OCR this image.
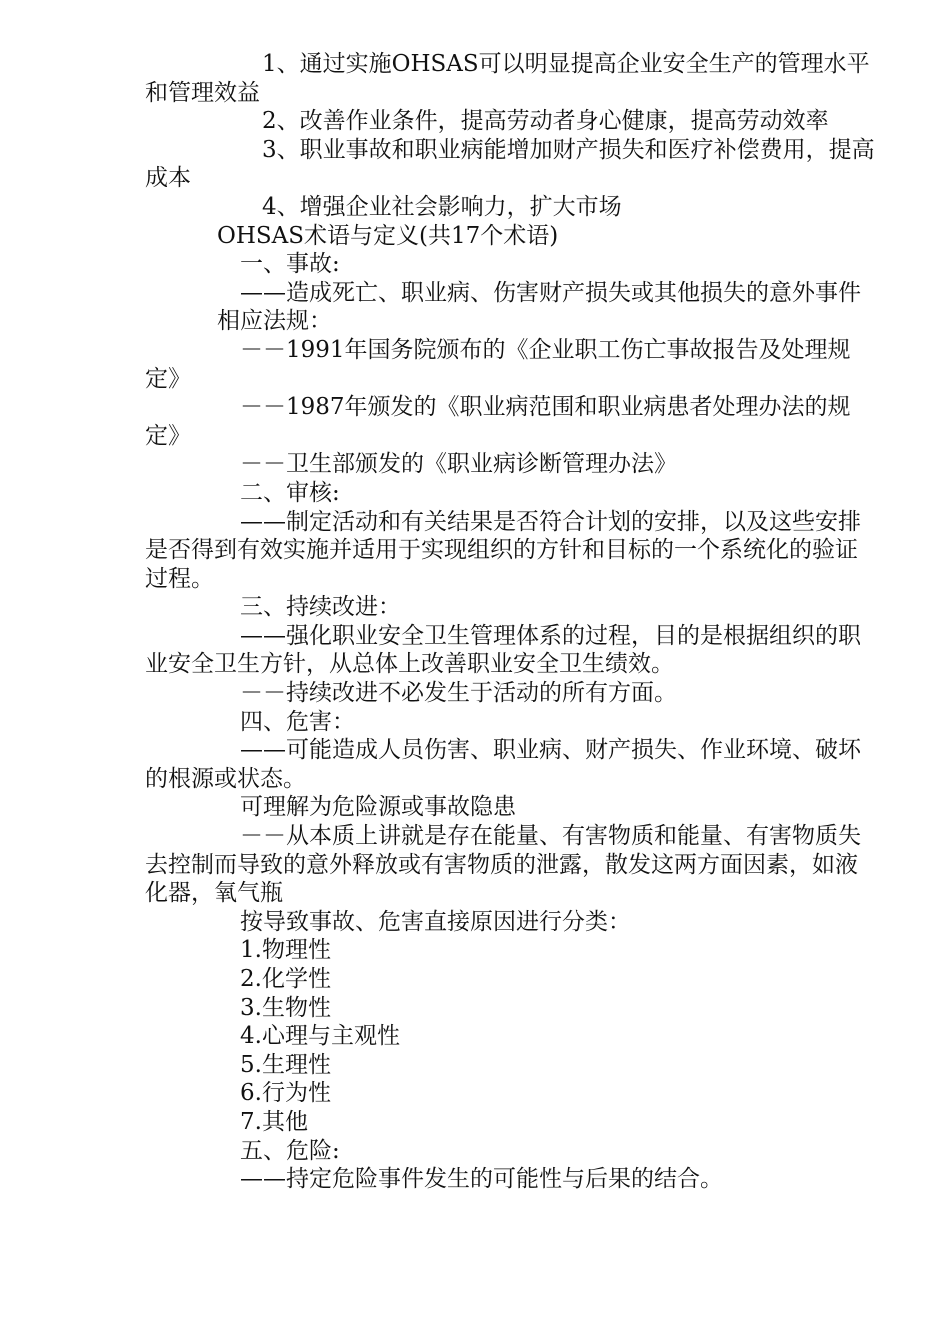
1、通过实施OHSAS可以明显提高企业安全生产的管理水平和管理效益

2、改善作业条件，提高劳动者身心健康，提高劳动效率

3、职业事故和职业病能增加财产损失和医疗补偿费用，提高成本

4、增强企业社会影响力，扩大市场

OHSAS术语与定义(共17个术语)

一、事故:

——造成死亡、职业病、伤害财产损失或其他损失的意外事件

相应法规：

－－1991年国务院颁布的《企业职工伤亡事故报告及处理规定》

－－1987年颁发的《职业病范围和职业病患者处理办法的规定》

－－卫生部颁发的《职业病诊断管理办法》

二、审核:

——制定活动和有关结果是否符合计划的安排，以及这些安排是否得到有效实施并适用于实现组织的方针和目标的一个系统化的验证过程。

三、持续改进：

——强化职业安全卫生管理体系的过程，目的是根据组织的职业安全卫生方针，从总体上改善职业安全卫生绩效。

－－持续改进不必发生于活动的所有方面。

四、危害：

——可能造成人员伤害、职业病、财产损失、作业环境、破坏的根源或状态。

可理解为危险源或事故隐患

－－从本质上讲就是存在能量、有害物质和能量、有害物质失去控制而导致的意外释放或有害物质的泄露，散发这两方面因素，如液化器，氧气瓶

按导致事故、危害直接原因进行分类：

1.物理性

2.化学性

3.生物性

4.心理与主观性

5.生理性

6.行为性

7.其他

五、危险:

——持定危险事件发生的可能性与后果的结合。
